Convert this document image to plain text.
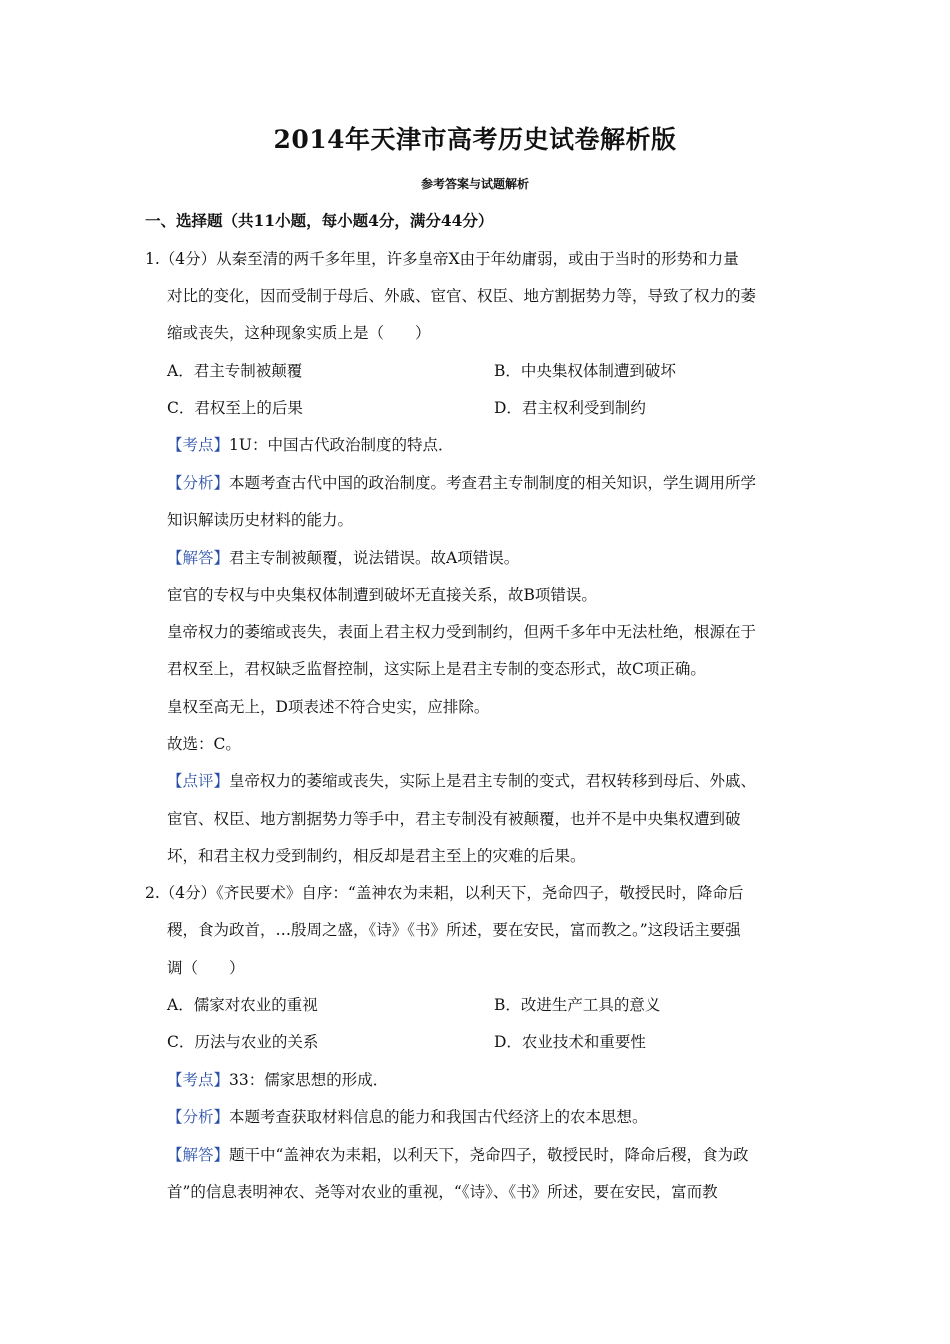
2014年天津市高考历史试卷解析版
参考答案与试题解析
一、选择题（共11小题，每小题4分，满分44分）
1.（4分）从秦至清的两千多年里，许多皇帝X由于年幼庸弱，或由于当时的形势和力量
对比的变化，因而受制于母后、外戚、宦官、权臣、地方割据势力等，导致了权力的萎
缩或丧失，这种现象实质上是（　　）
A．君主专制被颠覆	B．中央集权体制遭到破坏
C．君权至上的后果	D．君主权利受到制约
【考点】1U：中国古代政治制度的特点．
【分析】本题考查古代中国的政治制度。考查君主专制制度的相关知识，学生调用所学
知识解读历史材料的能力。
【解答】君主专制被颠覆，说法错误。故A项错误。
宦官的专权与中央集权体制遭到破坏无直接关系，故B项错误。
皇帝权力的萎缩或丧失，表面上君主权力受到制约，但两千多年中无法杜绝，根源在于
君权至上，君权缺乏监督控制，这实际上是君主专制的变态形式，故C项正确。
皇权至高无上，D项表述不符合史实，应排除。
故选：C。
【点评】皇帝权力的萎缩或丧失，实际上是君主专制的变式，君权转移到母后、外戚、
宦官、权臣、地方割据势力等手中，君主专制没有被颠覆，也并不是中央集权遭到破
坏，和君主权力受到制约，相反却是君主至上的灾难的后果。
2.（4分）《齐民要术》自序：“盖神农为耒耜，以利天下，尧命四子，敬授民时，降命后
稷，食为政首，…殷周之盛，《诗》《书》所述，要在安民，富而教之。”这段话主要强
调（　　）
A．儒家对农业的重视	B．改进生产工具的意义
C．历法与农业的关系	D．农业技术和重要性
【考点】33：儒家思想的形成．
【分析】本题考查获取材料信息的能力和我国古代经济上的农本思想。
【解答】题干中“盖神农为耒耜，以利天下，尧命四子，敬授民时，降命后稷，食为政
首”的信息表明神农、尧等对农业的重视，“《诗》、《书》所述，要在安民，富而教
